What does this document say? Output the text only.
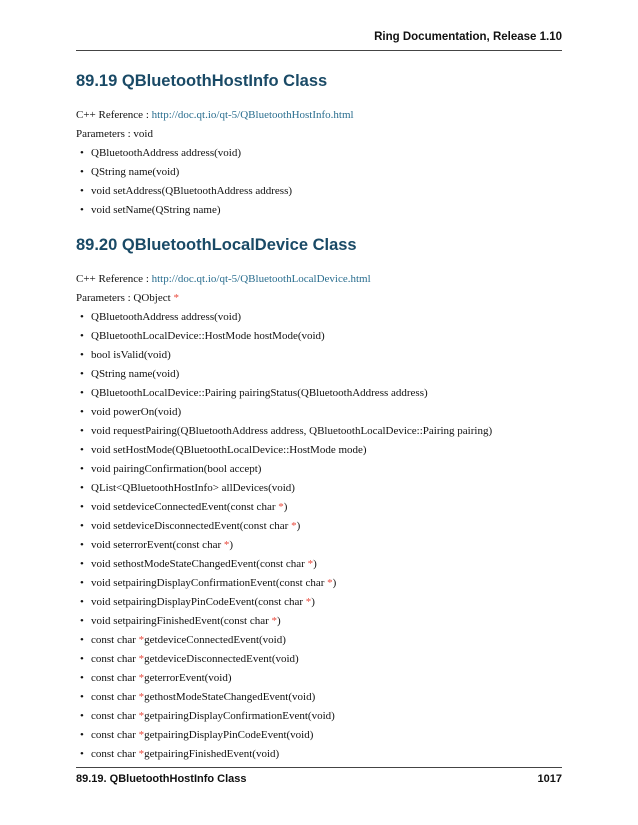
Ring Documentation, Release 1.10
89.19 QBluetoothHostInfo Class

C++ Reference : http://doc.qt.io/qt-5/QBluetoothHostInfo.html

Parameters : void

• QBluetoothAddress address(void)
• QString name(void)
• void setAddress(QBluetoothAddress address)
• void setName(QString name)
89.20 QBluetoothLocalDevice Class

C++ Reference : http://doc.qt.io/qt-5/QBluetoothLocalDevice.html

Parameters : QObject *

• QBluetoothAddress address(void)
• QBluetoothLocalDevice::HostMode hostMode(void)
• bool isValid(void)
• QString name(void)
• QBluetoothLocalDevice::Pairing pairingStatus(QBluetoothAddress address)
• void powerOn(void)
• void requestPairing(QBluetoothAddress address, QBluetoothLocalDevice::Pairing pairing)
• void setHostMode(QBluetoothLocalDevice::HostMode mode)
• void pairingConfirmation(bool accept)
• QList<QBluetoothHostInfo> allDevices(void)
• void setdeviceConnectedEvent(const char *)
• void setdeviceDisconnectedEvent(const char *)
• void seterrorEvent(const char *)
• void sethostModeStateChangedEvent(const char *)
• void setpairingDisplayConfirmationEvent(const char *)
• void setpairingDisplayPinCodeEvent(const char *)
• void setpairingFinishedEvent(const char *)
• const char *getdeviceConnectedEvent(void)
• const char *getdeviceDisconnectedEvent(void)
• const char *geterrorEvent(void)
• const char *gethostModeStateChangedEvent(void)
• const char *getpairingDisplayConfirmationEvent(void)
• const char *getpairingDisplayPinCodeEvent(void)
• const char *getpairingFinishedEvent(void)
89.19. QBluetoothHostInfo Class	1017
